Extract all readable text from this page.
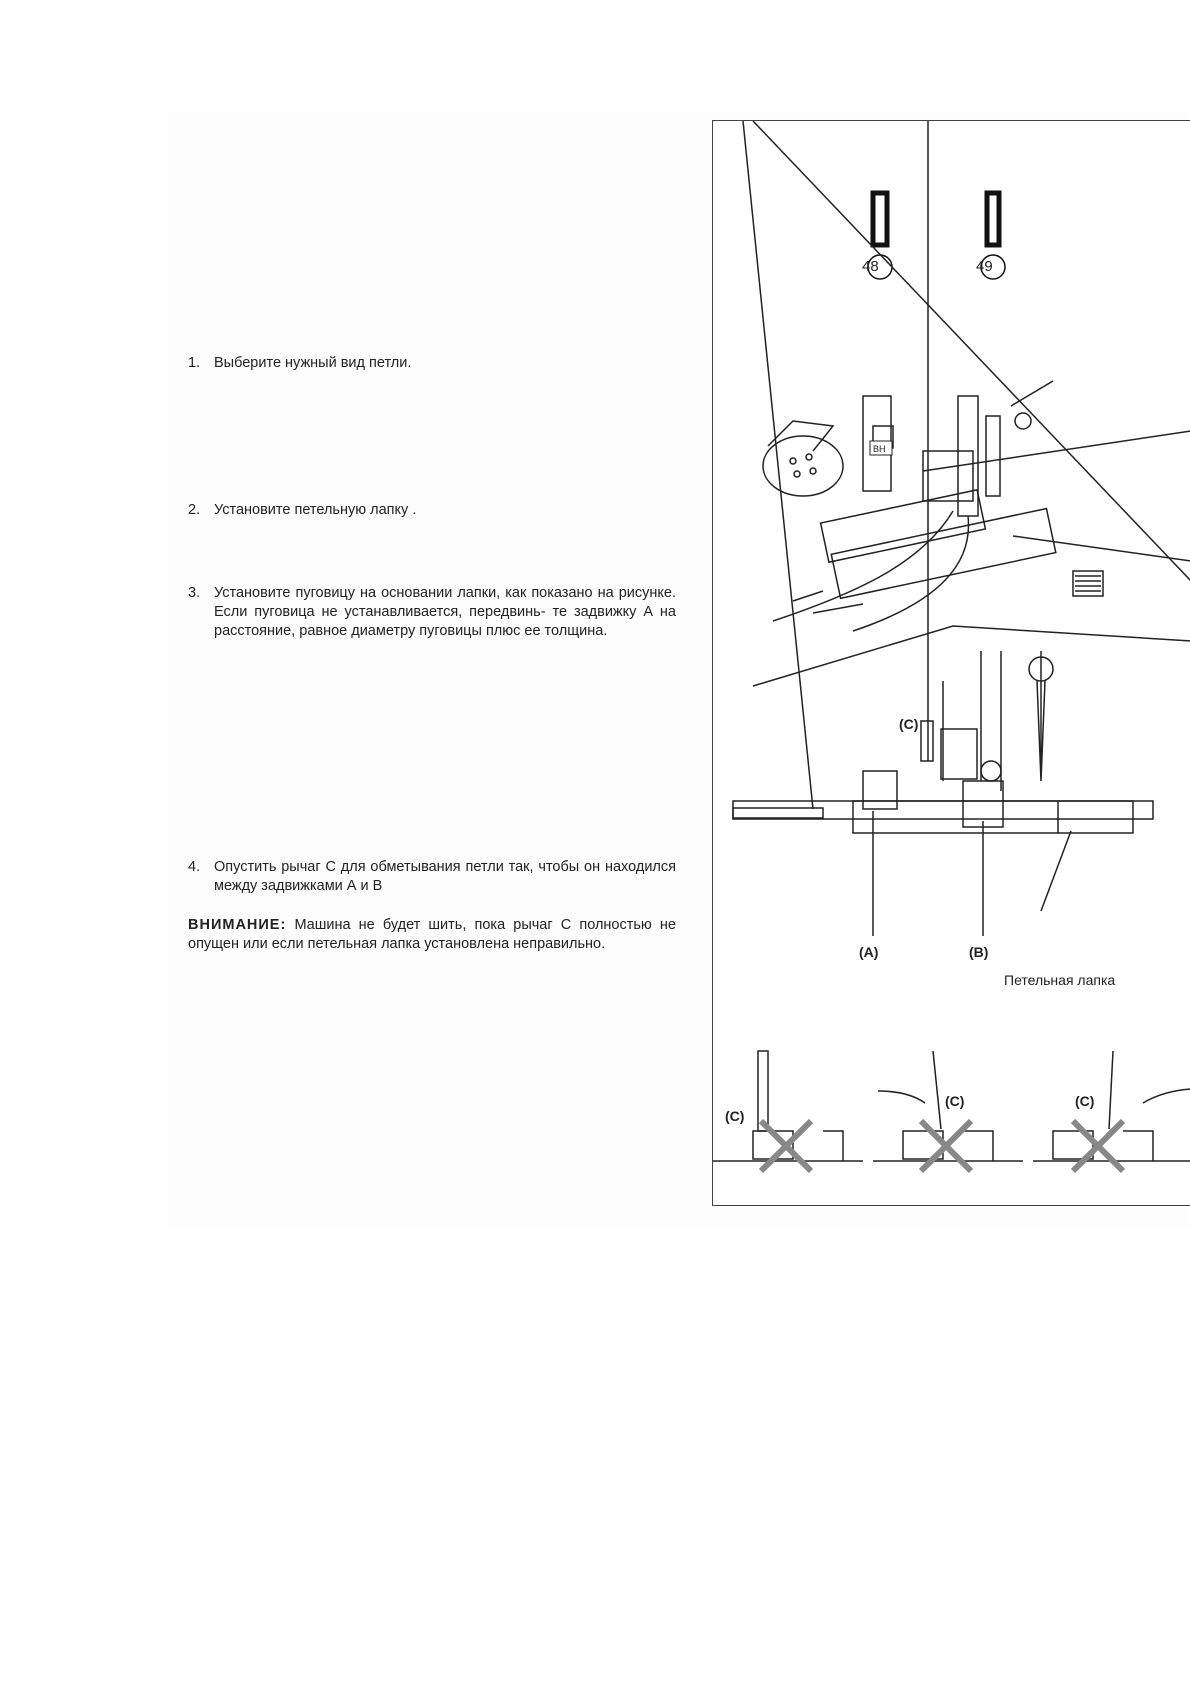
1. Выберите нужный вид петли.
2. Установите петельную лапку .
3. Установите пуговицу на основании лапки, как показано на рисунке. Если пуговица не устанавливается, передвинь- те задвижку А на расстояние, равное диаметру пуговицы плюс ее толщина.
4. Опустить рычаг С для обметывания петли так, чтобы он находился между задвижками А и В
ВНИМАНИЕ: Машина не будет шить, пока рычаг С полностью не опущен или если петельная лапка установлена неправильно.
BH
(C)
(A)	(B)
Петельная лапка
(C)
(C)	(C)
48	49
